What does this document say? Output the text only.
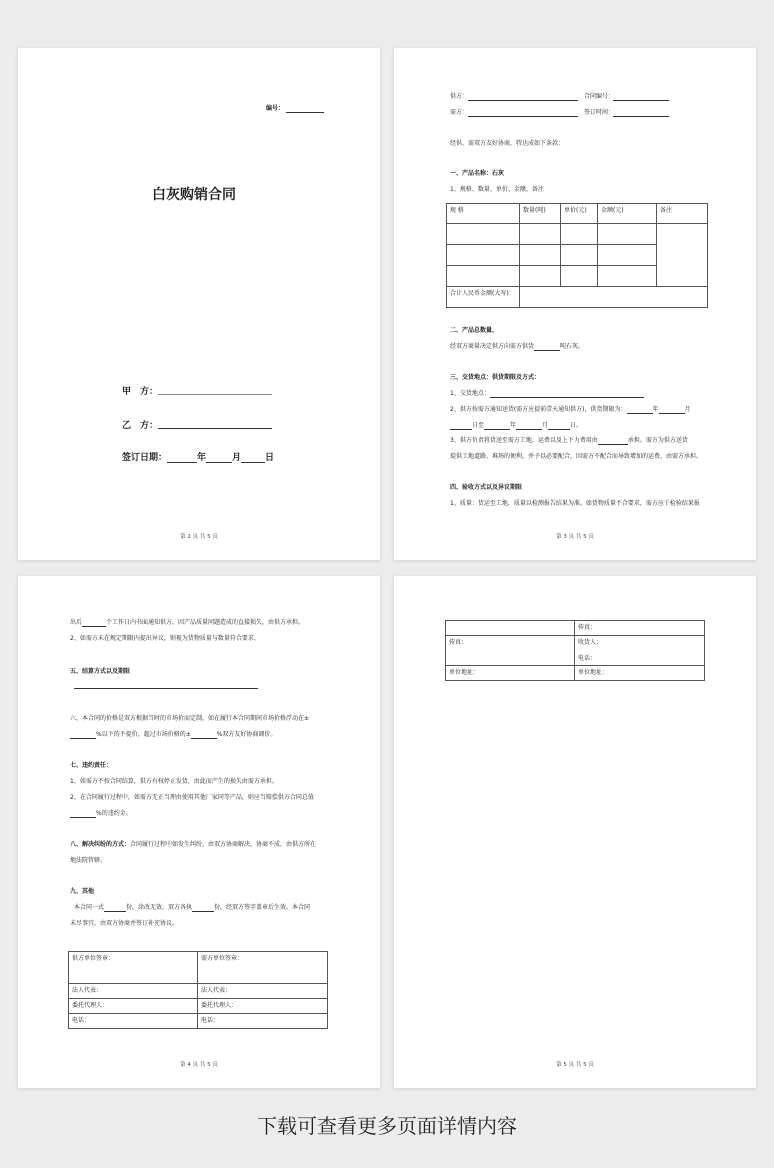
编号：
白灰购销合同
甲　方：
乙　方：
签订日期：	年	月	日
第 2 页 共 5 页
供方：	合同编号：
需方：	签订时间：
经供、需双方友好协商，特达成如下条款：
一、产品名称：石灰
1、规格、数量、单价、金额、备注
规 格	数量(吨)	单价(元)	金额(元)	备注

合计人民币金额(大写)：				
二、产品总数量、
经双方商量决定供方向需方供货	吨石灰。
三、交货地点：供货期限及方式：
1、交货地点：
2、供方按需方通知送货(需方应提前壹天通知供方)，供货期限为：	年	月
日至	年	月	日。
3、供方负责将货送至需方工地，运费以及上下力费用由	承担。需方为供方送货
提供工地道路、堆场的便利，并予以必要配合，因需方不配合而导致增加的运费，由需方承担。
四、验收方式以及异议期限
1、质量：货运至工地，质量以检测报告结果为准。如货物质量不合要求，需方应于检验结果报
第 3 页 共 5 页
出后	个工作日内书面通知供方，因产品质量问题造成的直接损失，由供方承担。
2、如需方未在规定期限内提出异议，则视为货物质量与数量符合要求。
五、结算方式以及期限
六、本合同的价格是双方根据当时的市场价而定制，如在履行本合同期间市场价格浮动在±
%以下的不提价，超过市场价格的±	%双方友好协商调价。
七、违约责任：
1、如需方不按合同结算，供方有权停止发货，由此而产生的损失由需方承担。
2、在合同履行过程中，如需方无正当理由使用其他厂家同等产品，则应当赔偿供方合同总值
%的违约金。
八、解决纠纷的方式：合同履行过程中如发生纠纷，由双方协商解决，协商不成，由供方所在
地法院管辖。
九、其他
本合同一式	份，涂改无效，双方各执	份，经双方签字盖章后生效。本合同
未尽事宜，由双方协商并签订补充协议。
供方单位签章：	需方单位签章：
法人代表：	法人代表：
委托代理人：	委托代理人：
电话：	电话：
第 4 页 共 5 页
	传真：
传真：	收货人：
电话：

单位地址：	单位地址：
第 5 页 共 5 页
下载可查看更多页面详情内容
